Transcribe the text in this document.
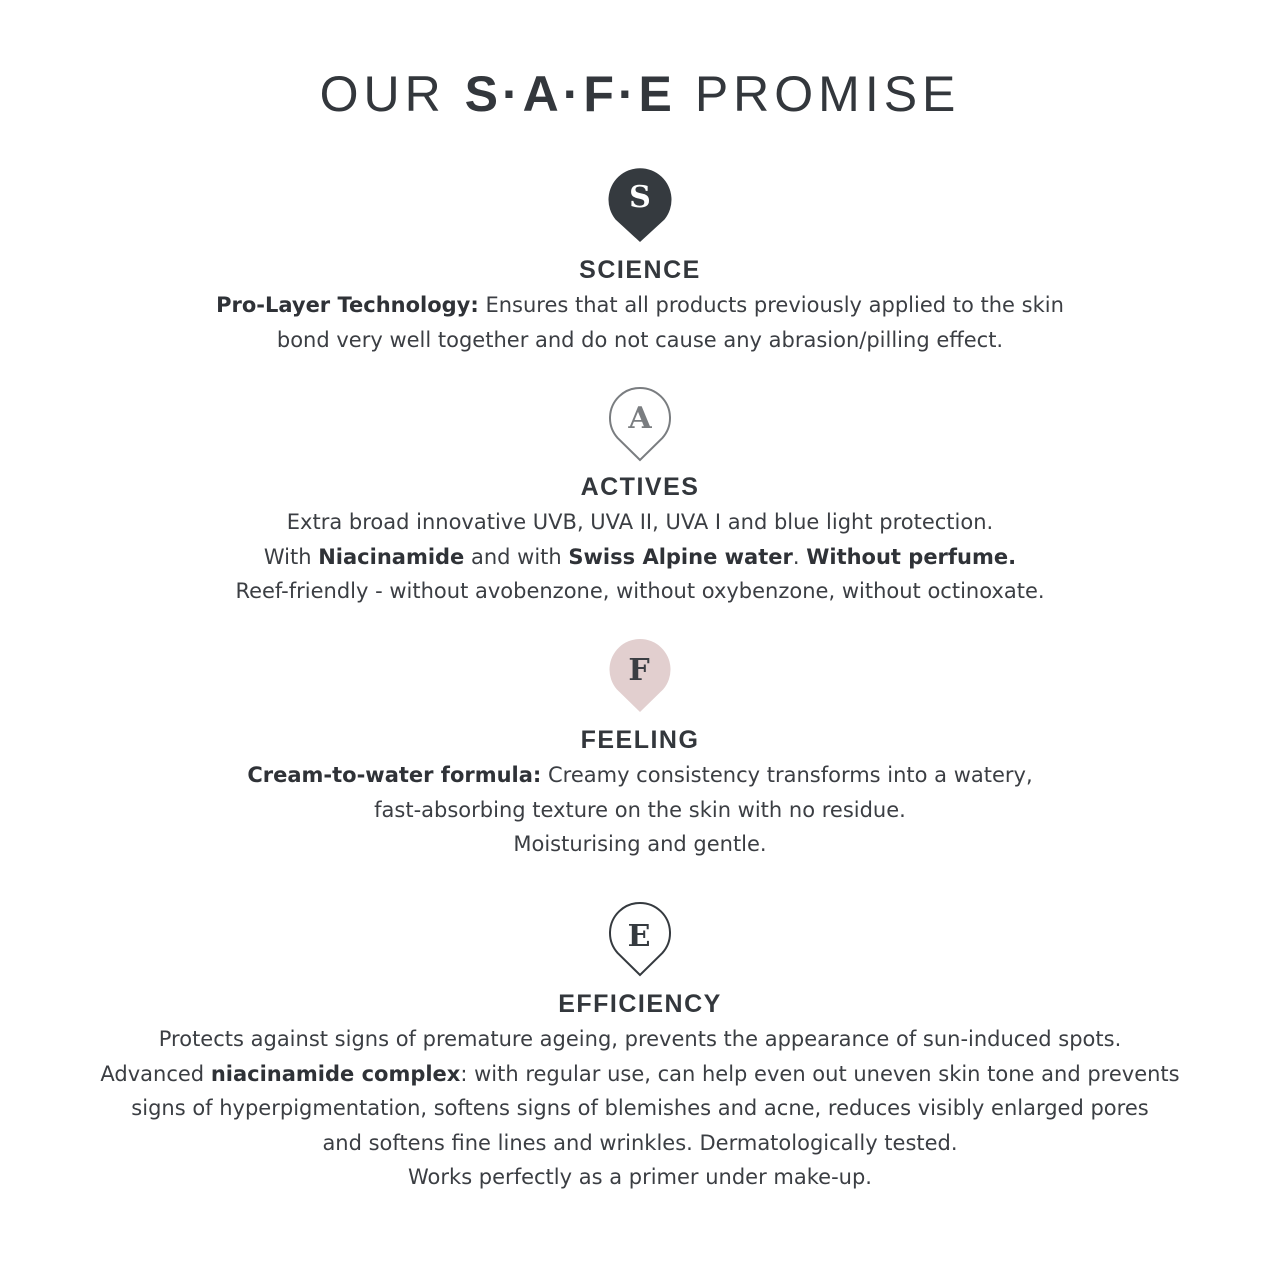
OUR S·A·F·E PROMISE
S
SCIENCE
Pro-Layer Technology: Ensures that all products previously applied to the skin
bond very well together and do not cause any abrasion/pilling effect.
A
ACTIVES
Extra broad innovative UVB, UVA II, UVA I and blue light protection.
With Niacinamide and with Swiss Alpine water. Without perfume.
Reef-friendly - without avobenzone, without oxybenzone, without octinoxate.
F
FEELING
Cream-to-water formula: Creamy consistency transforms into a watery,
fast-absorbing texture on the skin with no residue.
Moisturising and gentle.
E
EFFICIENCY
Protects against signs of premature ageing, prevents the appearance of sun-induced spots.
Advanced niacinamide complex: with regular use, can help even out uneven skin tone and prevents
signs of hyperpigmentation, softens signs of blemishes and acne, reduces visibly enlarged pores
and softens fine lines and wrinkles. Dermatologically tested.
Works perfectly as a primer under make-up.
